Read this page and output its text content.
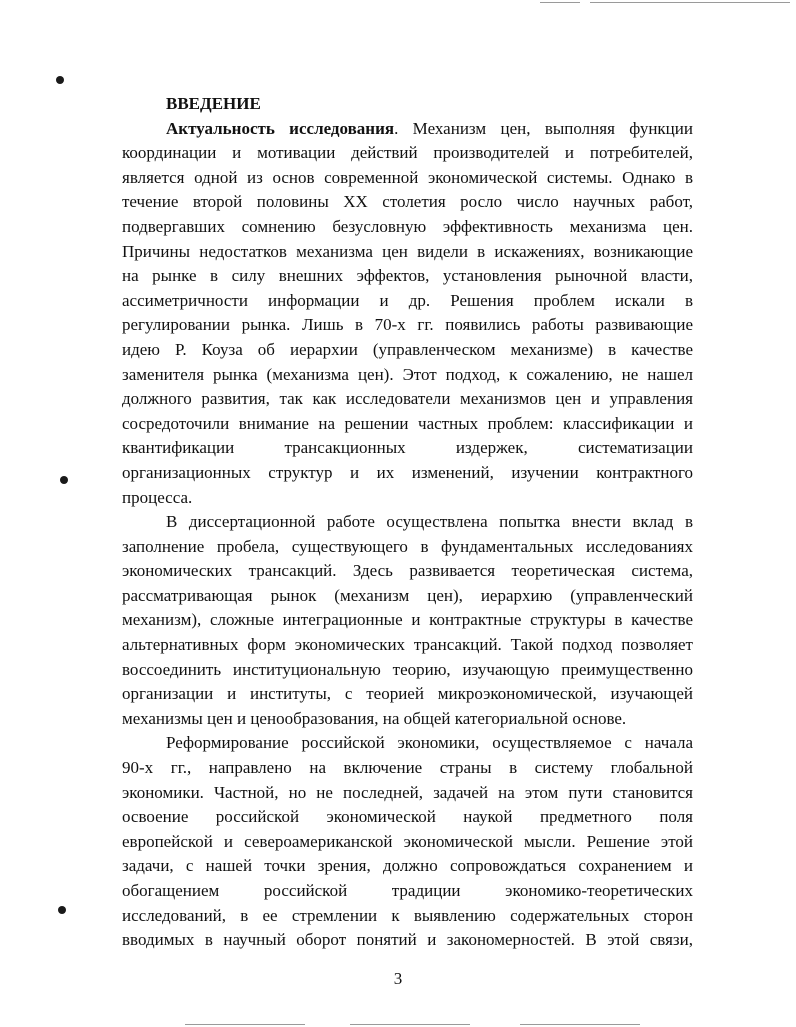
ВВЕДЕНИЕ

Актуальность исследования. Механизм цен, выполняя функции

координации и мотивации действий производителей и потребителей,

является одной из основ современной экономической системы. Однако в

течение второй половины XX столетия росло число научных работ,

подвергавших сомнению безусловную эффективность механизма цен.

Причины недостатков механизма цен видели в искажениях, возникающие

на рынке в силу внешних эффектов, установления рыночной власти,

ассиметричности информации и др. Решения проблем искали в

регулировании рынка. Лишь в 70-х гг. появились работы развивающие

идею Р. Коуза об иерархии (управленческом механизме) в качестве

заменителя рынка (механизма цен). Этот подход, к сожалению, не нашел

должного развития, так как исследователи механизмов цен и управления

сосредоточили внимание на решении частных проблем: классификации и

квантификации трансакционных издержек, систематизации

организационных структур и их изменений, изучении контрактного

процесса.

В диссертационной работе осуществлена попытка внести вклад в

заполнение пробела, существующего в фундаментальных исследованиях

экономических трансакций. Здесь развивается теоретическая система,

рассматривающая рынок (механизм цен), иерархию (управленческий

механизм), сложные интеграционные и контрактные структуры в качестве

альтернативных форм экономических трансакций. Такой подход позволяет

воссоединить институциональную теорию, изучающую преимущественно

организации и институты, с теорией микроэкономической, изучающей

механизмы цен и ценообразования, на общей категориальной основе.

Реформирование российской экономики, осуществляемое с начала

90-х гг., направлено на включение страны в систему глобальной

экономики. Частной, но не последней, задачей на этом пути становится

освоение российской экономической наукой предметного поля

европейской и североамериканской экономической мысли. Решение этой

задачи, с нашей точки зрения, должно сопровождаться сохранением и

обогащением российской традиции экономико-теоретических

исследований, в ее стремлении к выявлению содержательных сторон

вводимых в научный оборот понятий и закономерностей. В этой связи,

3
